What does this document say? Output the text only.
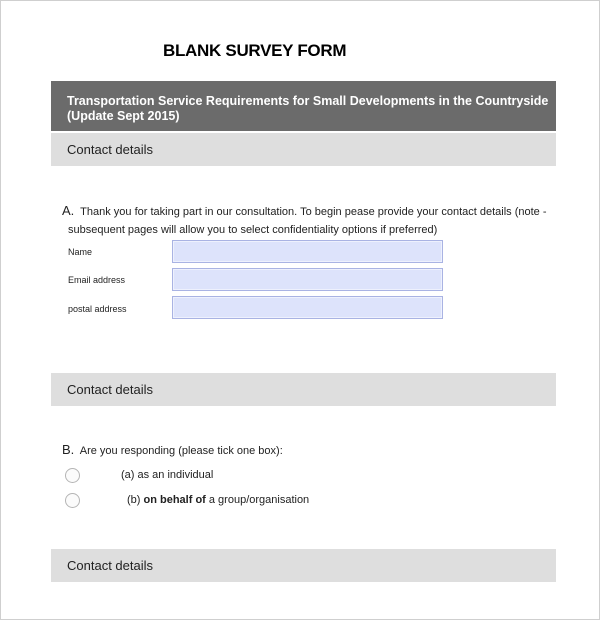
BLANK SURVEY FORM
Transportation Service Requirements for Small Developments in the Countryside
(Update Sept 2015)
Contact details
A. Thank you for taking part in our consultation. To begin pease provide your contact details (note -
subsequent pages will allow you to select confidentiality options if preferred)
Name
Email address
postal address
Contact details
B. Are you responding (please tick one box):
(a) as an individual
(b) on behalf of a group/organisation
Contact details
